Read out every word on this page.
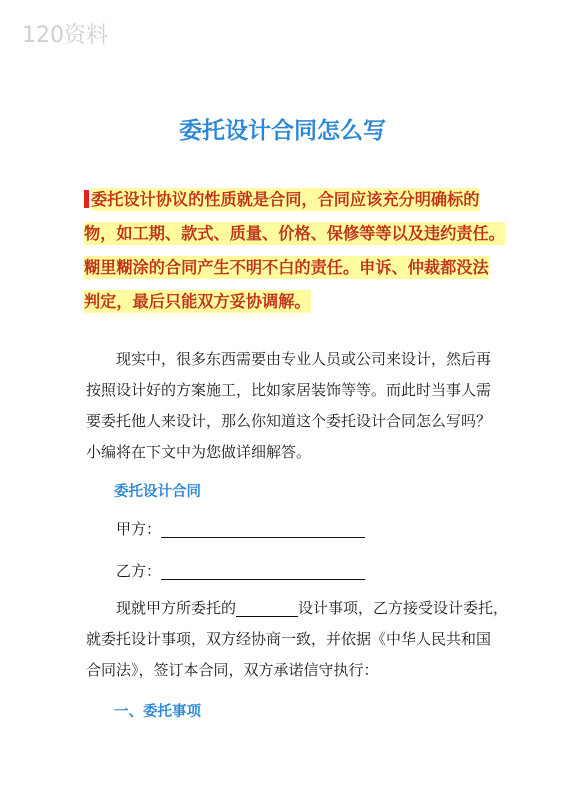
120资料
委托设计合同怎么写
委托设计协议的性质就是合同，合同应该充分明确标的
物，如工期、款式、质量、价格、保修等等以及违约责任。
糊里糊涂的合同产生不明不白的责任。申诉、仲裁都没法
判定，最后只能双方妥协调解。
现实中，很多东西需要由专业人员或公司来设计，然后再
按照设计好的方案施工，比如家居装饰等等。而此时当事人需
要委托他人来设计，那么你知道这个委托设计合同怎么写吗？
小编将在下文中为您做详细解答。
委托设计合同
甲方：
乙方：
现就甲方所委托的	设计事项，乙方接受设计委托，
就委托设计事项，双方经协商一致，并依据《中华人民共和国
合同法》，签订本合同，双方承诺信守执行：
一、委托事项
